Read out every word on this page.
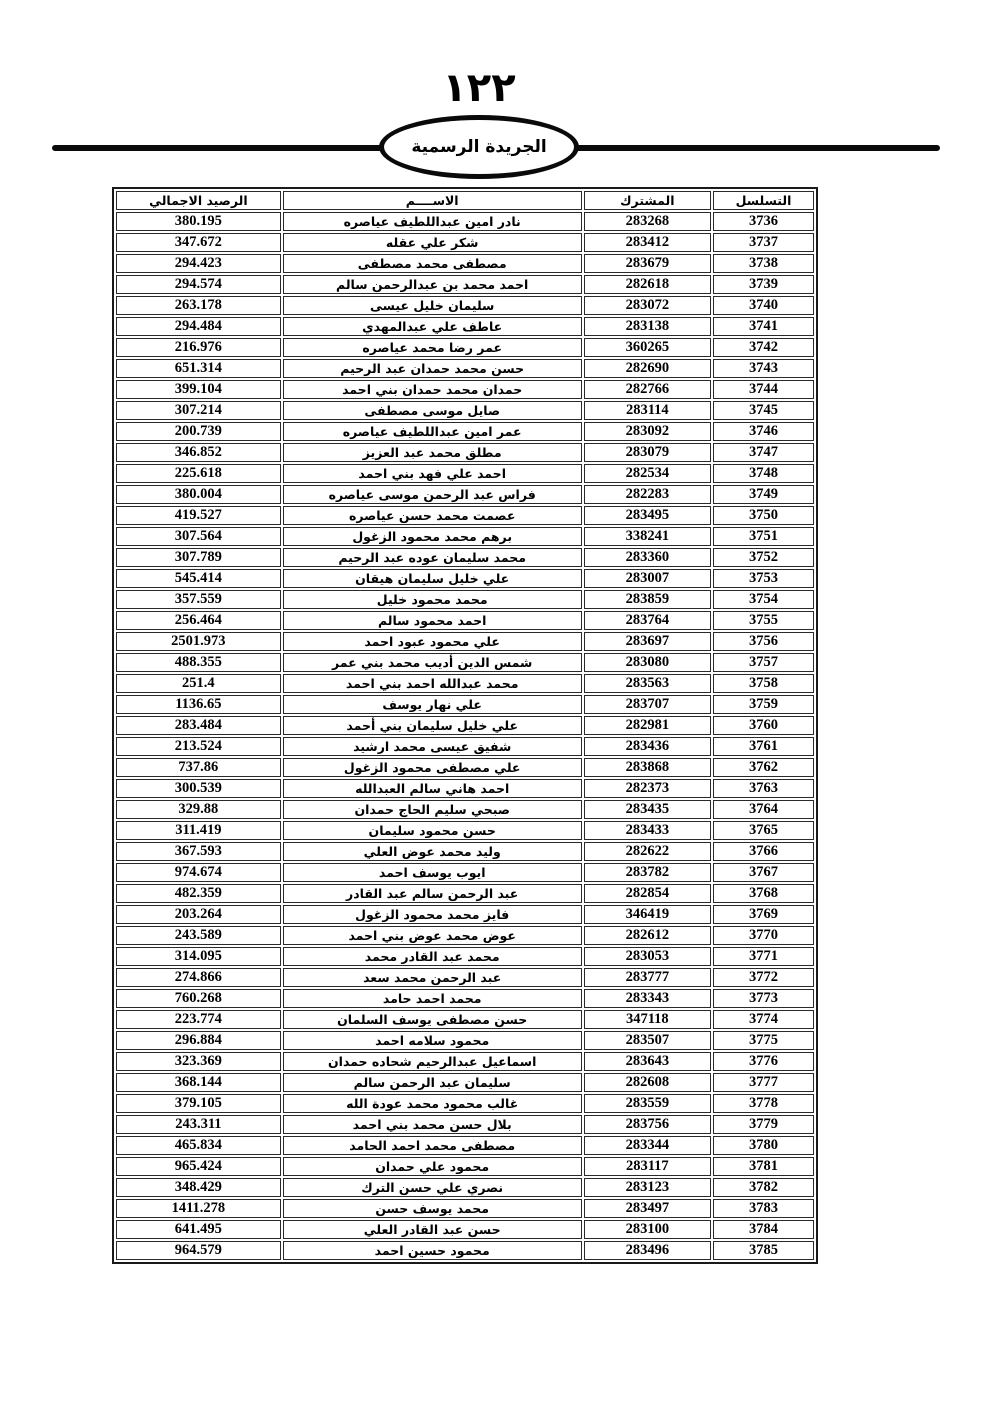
١٢٢
الجريدة الرسمية
التسلسل	المشترك	الاســــم	الرصيد الاجمالي
3736	283268	نادر امين عبداللطيف عياصره	380.195
3737	283412	شكر علي عقله	347.672
3738	283679	مصطفى محمد مصطفى	294.423
3739	282618	احمد محمد بن عبدالرحمن سالم	294.574
3740	283072	سليمان خليل عيسى	263.178
3741	283138	عاطف علي عبدالمهدي	294.484
3742	360265	عمر رضا محمد عياصره	216.976
3743	282690	حسن محمد حمدان عبد الرحيم	651.314
3744	282766	حمدان محمد حمدان بني احمد	399.104
3745	283114	صايل موسى مصطفى	307.214
3746	283092	عمر امين عبداللطيف عياصره	200.739
3747	283079	مطلق محمد عبد العزيز	346.852
3748	282534	احمد علي فهد بني احمد	225.618
3749	282283	فراس عبد الرحمن موسى عياصره	380.004
3750	283495	عصمت محمد حسن عياصره	419.527
3751	338241	برهم محمد محمود الزغول	307.564
3752	283360	محمد سليمان عوده عبد الرحيم	307.789
3753	283007	علي خليل سليمان هيقان	545.414
3754	283859	محمد محمود خليل	357.559
3755	283764	احمد محمود سالم	256.464
3756	283697	علي محمود عبود احمد	2501.973
3757	283080	شمس الدين أديب محمد بني عمر	488.355
3758	283563	محمد عبدالله احمد بني احمد	251.4
3759	283707	علي نهار يوسف	1136.65
3760	282981	علي خليل سليمان بني أحمد	283.484
3761	283436	شفيق عيسى محمد ارشيد	213.524
3762	283868	علي مصطفى محمود الزغول	737.86
3763	282373	احمد هاني سالم العبدالله	300.539
3764	283435	صبحي سليم الحاج حمدان	329.88
3765	283433	حسن محمود سليمان	311.419
3766	282622	وليد محمد عوض العلي	367.593
3767	283782	ايوب يوسف احمد	974.674
3768	282854	عبد الرحمن سالم عبد القادر	482.359
3769	346419	فايز محمد محمود الزغول	203.264
3770	282612	عوض محمد عوض بني احمد	243.589
3771	283053	محمد عبد القادر محمد	314.095
3772	283777	عبد الرحمن محمد سعد	274.866
3773	283343	محمد احمد حامد	760.268
3774	347118	حسن مصطفى يوسف السلمان	223.774
3775	283507	محمود سلامه احمد	296.884
3776	283643	اسماعيل عبدالرحيم شحاده حمدان	323.369
3777	282608	سليمان عبد الرحمن سالم	368.144
3778	283559	غالب محمود محمد عودة الله	379.105
3779	283756	بلال حسن محمد بني احمد	243.311
3780	283344	مصطفى محمد احمد الحامد	465.834
3781	283117	محمود علي حمدان	965.424
3782	283123	نصري علي حسن الترك	348.429
3783	283497	محمد يوسف حسن	1411.278
3784	283100	حسن عبد القادر العلي	641.495
3785	283496	محمود حسين احمد	964.579
